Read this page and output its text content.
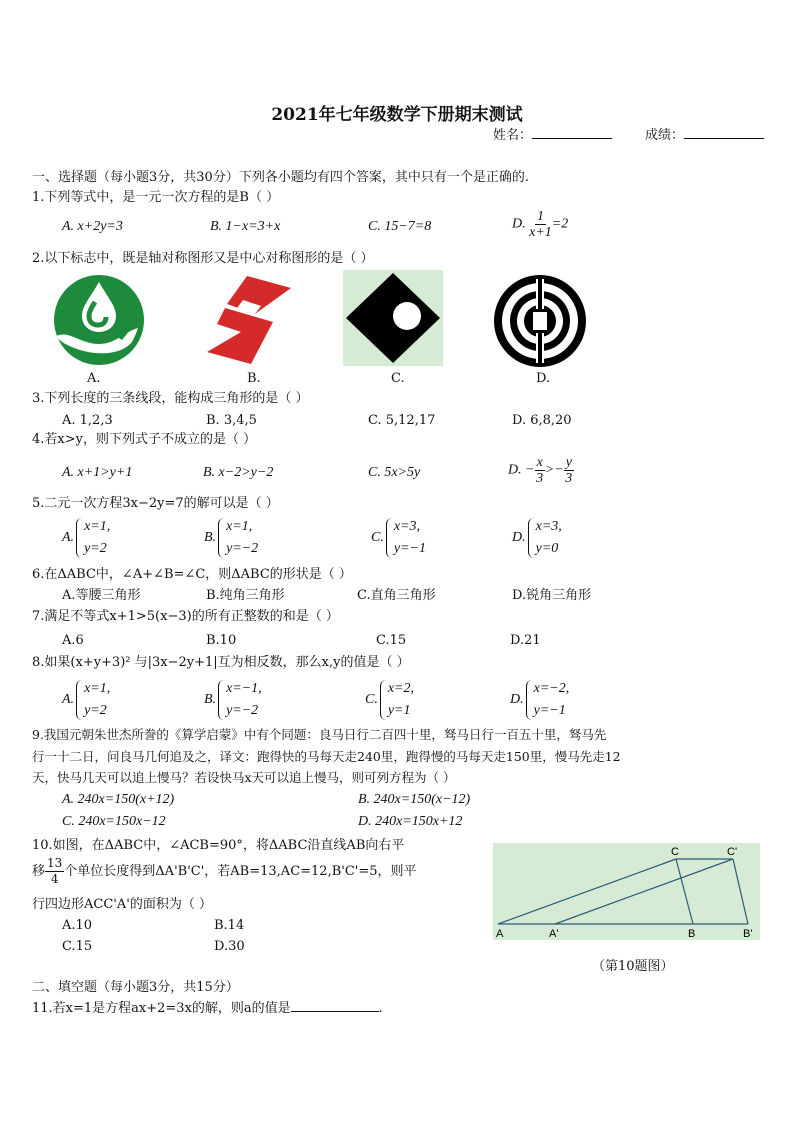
2021年七年级数学下册期末测试
姓名：	成绩：
一、选择题（每小题3分，共30分）下列各小题均有四个答案，其中只有一个是正确的.
1.下列等式中，是一元一次方程的是B（ ）
A. x+2y=3	B. 1−x=3+x	C. 15−7=8	D. $\frac{1}{x+1} =2$
2.以下标志中，既是轴对称图形又是中心对称图形的是（ ）
A.	B.	C.	D.
3.下列长度的三条线段，能构成三角形的是（ ）
A. 1,2,3	B. 3,4,5	C. 5,12,17	D. 6,8,20
4.若x>y，则下列式子不成立的是（ ）
A. x+1>y+1	B. x−2>y−2	C. 5x>5y	D. − $\frac{x}{3} >- \frac{y}{3}$
5.二元一次方程3x−2y=7的解可以是（ ）
A.
x=1,
y=2
B.
x=1,
y=−2
C.
x=3,
y=−1
D.
x=3,
y=0
6.在ΔABC中，∠A+∠B=∠C，则ΔABC的形状是（ ）
A.等腰三角形	B.纯角三角形	C.直角三角形	D.锐角三角形
7.满足不等式x+1>5(x−3)的所有正整数的和是（ ）
A.6	B.10	C.15	D.21
8.如果(x+y+3)² 与|3x−2y+1|互为相反数，那么x,y的值是（ ）
A.
x=1,
y=2
B.
x=−1,
y=−2
C.
x=2,
y=1
D.
x=−2,
y=−1
9.我国元朝朱世杰所誊的《算学启蒙》中有个同题：良马日行二百四十里，驽马日行一百五十里，驽马先
行一十二日，问良马几何追及之，译文：跑得快的马每天走240里，跑得慢的马每天走150里，慢马先走12
天，快马几天可以追上慢马？若设快马x天可以追上慢马，则可列方程为（ ）
A. 240x=150(x+12)	B. 240x=150(x−12)
C. 240x=150x−12	D. 240x=150x+12
10.如图，在ΔABC中，∠ACB=90°，将ΔABC沿直线AB向右平
移 $\frac{13}{4}$ 个单位长度得到ΔA'B'C'，若AB=13,AC=12,B'C'=5，则平
行四边形ACC'A'的面积为（ ）
A.10	B.14
C.15	D.30
A	A'	B	B'
C	C'
（第10题图）
二、填空题（每小题3分，共15分）
11.若x=1是方程ax+2=3x的解，则a的值是	.
